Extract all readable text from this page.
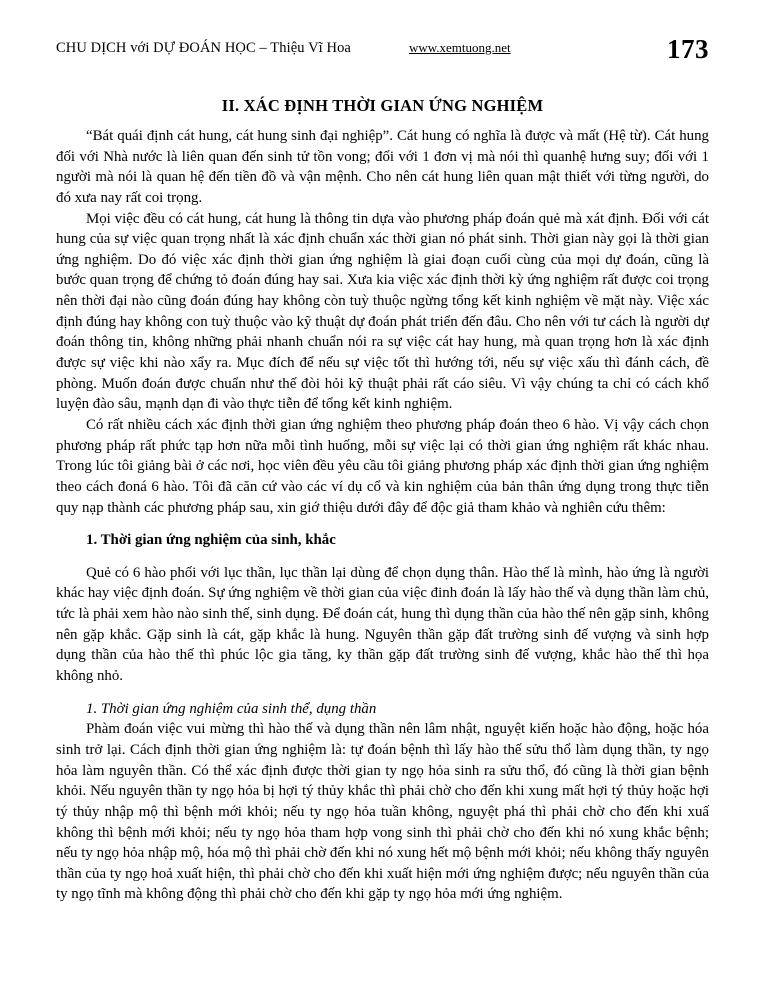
CHU DỊCH với DỰ ĐOÁN HỌC – Thiệu Vĩ Hoa	www.xemtuong.net	173
II. XÁC ĐỊNH THỜI GIAN ỨNG NGHIỆM

“Bát quái định cát hung, cát hung sinh đại nghiệp”. Cát hung có nghĩa là được và mất (Hệ từ). Cát hung đối với Nhà nước là liên quan đến sinh tử tồn vong; đối với 1 đơn vị mà nói thì quanhệ hưng suy; đối với 1 người mà nói là quan hệ đến tiền đồ và vận mệnh. Cho nên cát hung liên quan mật thiết với từng người, do đó xưa nay rất coi trọng.

Mọi việc đều có cát hung, cát hung là thông tin dựa vào phương pháp đoán quẻ mà xát định. Đối với cát hung của sự việc quan trọng nhất là xác định chuẩn xác thời gian nó phát sinh. Thời gian này gọi là thời gian ứng nghiệm. Do đó việc xác định thời gian ứng nghiệm là giai đoạn cuối cùng của mọi dự đoán, cũng là bước quan trọng để chứng tỏ đoán đúng hay sai. Xưa kia việc xác định thời kỳ ứng nghiệm rất được coi trọng nên thời đại nào cũng đoán đúng hay không còn tuỳ thuộc ngừng tổng kết kinh nghiệm về mặt này. Việc xác định đúng hay không con tuỳ thuộc vào kỹ thuật dự đoán phát triển đến đâu. Cho nên với tư cách là người dự đoán thông tin, không những phải nhanh chuẩn nói ra sự việc cát hay hung, mà quan trọng hơn là xác định được sự việc khi nào xẩy ra. Mục đích để nếu sự việc tốt thì hướng tới, nếu sự việc xấu thì đánh cách, đề phòng. Muốn đoán được chuẩn như thế đòi hỏi kỹ thuật phải rất cáo siêu. Vì vậy chúng ta chỉ có cách khổ luyện đào sâu, mạnh dạn đi vào thực tiễn để tổng kết kinh nghiệm.

Có rất nhiều cách xác định thời gian ứng nghiệm theo phương pháp đoán theo 6 hào. Vị vậy cách chọn phương pháp rất phức tạp hơn nữa mỗi tình huống, mỗi sự việc lại có thời gian ứng nghiệm rất khác nhau. Trong lúc tôi giảng bài ở các nơi, học viên đều yêu cầu tôi giảng phương pháp xác định thời gian ứng nghiệm theo cách đoná 6 hào. Tôi đã căn cứ vào các ví dụ cổ và kin nghiệm của bản thân ứng dụng trong thực tiễn quy nạp thành các phương pháp sau, xin giớ thiệu dưới đây để độc giả tham khảo và nghiên cứu thêm:

1. Thời gian ứng nghiệm của sinh, khắc

Quẻ có 6 hào phối với lục thần, lục thần lại dùng để chọn dụng thân. Hào thế là mình, hào ứng là người khác hay việc định đoán. Sự ứng nghiệm về thời gian của việc đinh đoán là lấy hào thế và dụng thần làm chủ, tức là phải xem hào nào sinh thế, sinh dụng. Để đoán cát, hung thì dụng thần của hào thế nên gặp sinh, không nên gặp khắc. Gặp sinh là cát, gặp khắc là hung. Nguyên thần gặp đất trường sinh đế vượng và sinh hợp dụng thần của hào thế thì phúc lộc gia tăng, ky thần gặp đất trường sinh đế vượng, khắc hào thế thì họa không nhỏ.

1. Thời gian ứng nghiệm của sinh thể, dụng thần

Phàm đoán việc vui mừng thì hào thế và dụng thần nên lâm nhật, nguyệt kiến hoặc hào động, hoặc hóa sinh trở lại. Cách định thời gian ứng nghiệm là: tự đoán bệnh thì lấy hào thế sửu thổ làm dụng thần, ty ngọ hỏa làm nguyên thần. Có thể xác định được thời gian ty ngọ hỏa sinh ra sửu thổ, đó cũng là thời gian bệnh khỏi. Nếu nguyên thần ty ngọ hỏa bị hợi tý thủy khắc thì phải chờ cho đến khi xung mất hợi tý thủy hoặc hợi tý thủy nhập mộ thì bệnh mới khỏi; nếu ty ngọ hỏa tuần không, nguyệt phá thì phải chờ cho đến khi xuấ không thì bệnh mới khỏi; nếu ty ngọ hỏa tham hợp vong sinh thì phải chờ cho đến khi nó xung khắc bệnh; nếu ty ngọ hỏa nhập mộ, hóa mộ thì phải chờ đến khi nó xung hết mộ bệnh mới khỏi; nếu không thấy nguyên thần của ty ngọ hoả xuất hiện, thì phải chờ cho đến khi xuất hiện mới ứng nghiệm được; nếu nguyên thần của ty ngọ tĩnh mà không động thì phải chờ cho đến khi gặp ty ngọ hỏa mới ứng nghiệm.
